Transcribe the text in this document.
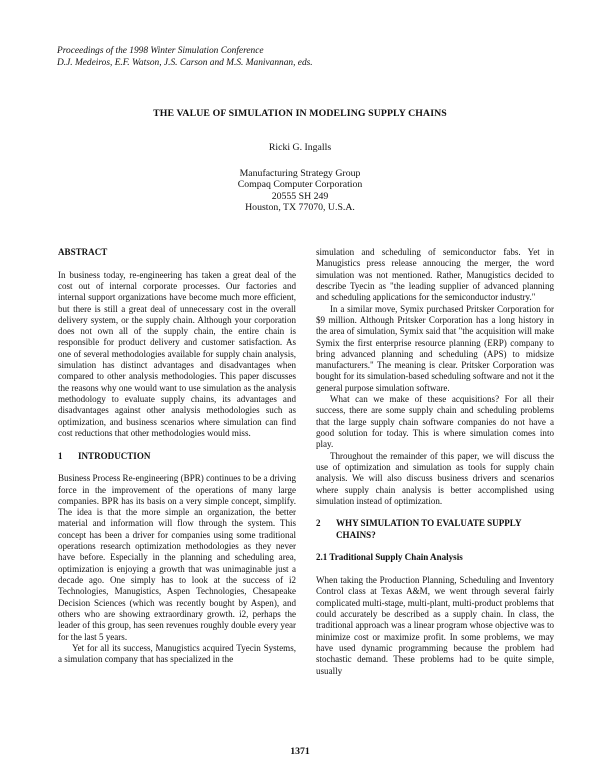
Proceedings of the 1998 Winter Simulation Conference
D.J. Medeiros, E.F. Watson, J.S. Carson and M.S. Manivannan, eds.
THE VALUE OF SIMULATION IN MODELING SUPPLY CHAINS
Ricki G. Ingalls
Manufacturing Strategy Group
Compaq Computer Corporation
20555 SH 249
Houston, TX 77070, U.S.A.
ABSTRACT

In business today, re-engineering has taken a great deal of the cost out of internal corporate processes. Our factories and internal support organizations have become much more efficient, but there is still a great deal of unnecessary cost in the overall delivery system, or the supply chain. Although your corporation does not own all of the supply chain, the entire chain is responsible for product delivery and customer satisfaction. As one of several methodologies available for supply chain analysis, simulation has distinct advantages and disadvantages when compared to other analysis methodologies. This paper discusses the reasons why one would want to use simulation as the analysis methodology to evaluate supply chains, its advantages and disadvantages against other analysis methodologies such as optimization, and business scenarios where simulation can find cost reductions that other methodologies would miss.

1	INTRODUCTION

Business Process Re-engineering (BPR) continues to be a driving force in the improvement of the operations of many large companies. BPR has its basis on a very simple concept, simplify. The idea is that the more simple an organization, the better material and information will flow through the system. This concept has been a driver for companies using some traditional operations research optimization methodologies as they never have before. Especially in the planning and scheduling area, optimization is enjoying a growth that was unimaginable just a decade ago. One simply has to look at the success of i2 Technologies, Manugistics, Aspen Technologies, Chesapeake Decision Sciences (which was recently bought by Aspen), and others who are showing extraordinary growth. i2, perhaps the leader of this group, has seen revenues roughly double every year for the last 5 years.

Yet for all its success, Manugistics acquired Tyecin Systems, a simulation company that has specialized in the

simulation and scheduling of semiconductor fabs. Yet in Manugistics press release annoucing the merger, the word simulation was not mentioned. Rather, Manugistics decided to describe Tyecin as "the leading supplier of advanced planning and scheduling applications for the semiconductor industry."

In a similar move, Symix purchased Pritsker Corporation for $9 million. Although Pritsker Corporation has a long history in the area of simulation, Symix said that "the acquisition will make Symix the first enterprise resource planning (ERP) company to bring advanced planning and scheduling (APS) to midsize manufacturers." The meaning is clear. Pritsker Corporation was bought for its simulation-based scheduling software and not it the general purpose simulation software.

What can we make of these acquisitions? For all their success, there are some supply chain and scheduling problems that the large supply chain software companies do not have a good solution for today. This is where simulation comes into play.

Throughout the remainder of this paper, we will discuss the use of optimization and simulation as tools for supply chain analysis. We will also discuss business drivers and scenarios where supply chain analysis is better accomplished using simulation instead of optimization.

2	WHY SIMULATION TO EVALUATE SUPPLY CHAINS?
2.1 Traditional Supply Chain Analysis

When taking the Production Planning, Scheduling and Inventory Control class at Texas A&M, we went through several fairly complicated multi-stage, multi-plant, multi-product problems that could accurately be described as a supply chain. In class, the traditional approach was a linear program whose objective was to minimize cost or maximize profit. In some problems, we may have used dynamic programming because the problem had stochastic demand. These problems had to be quite simple, usually

1371
